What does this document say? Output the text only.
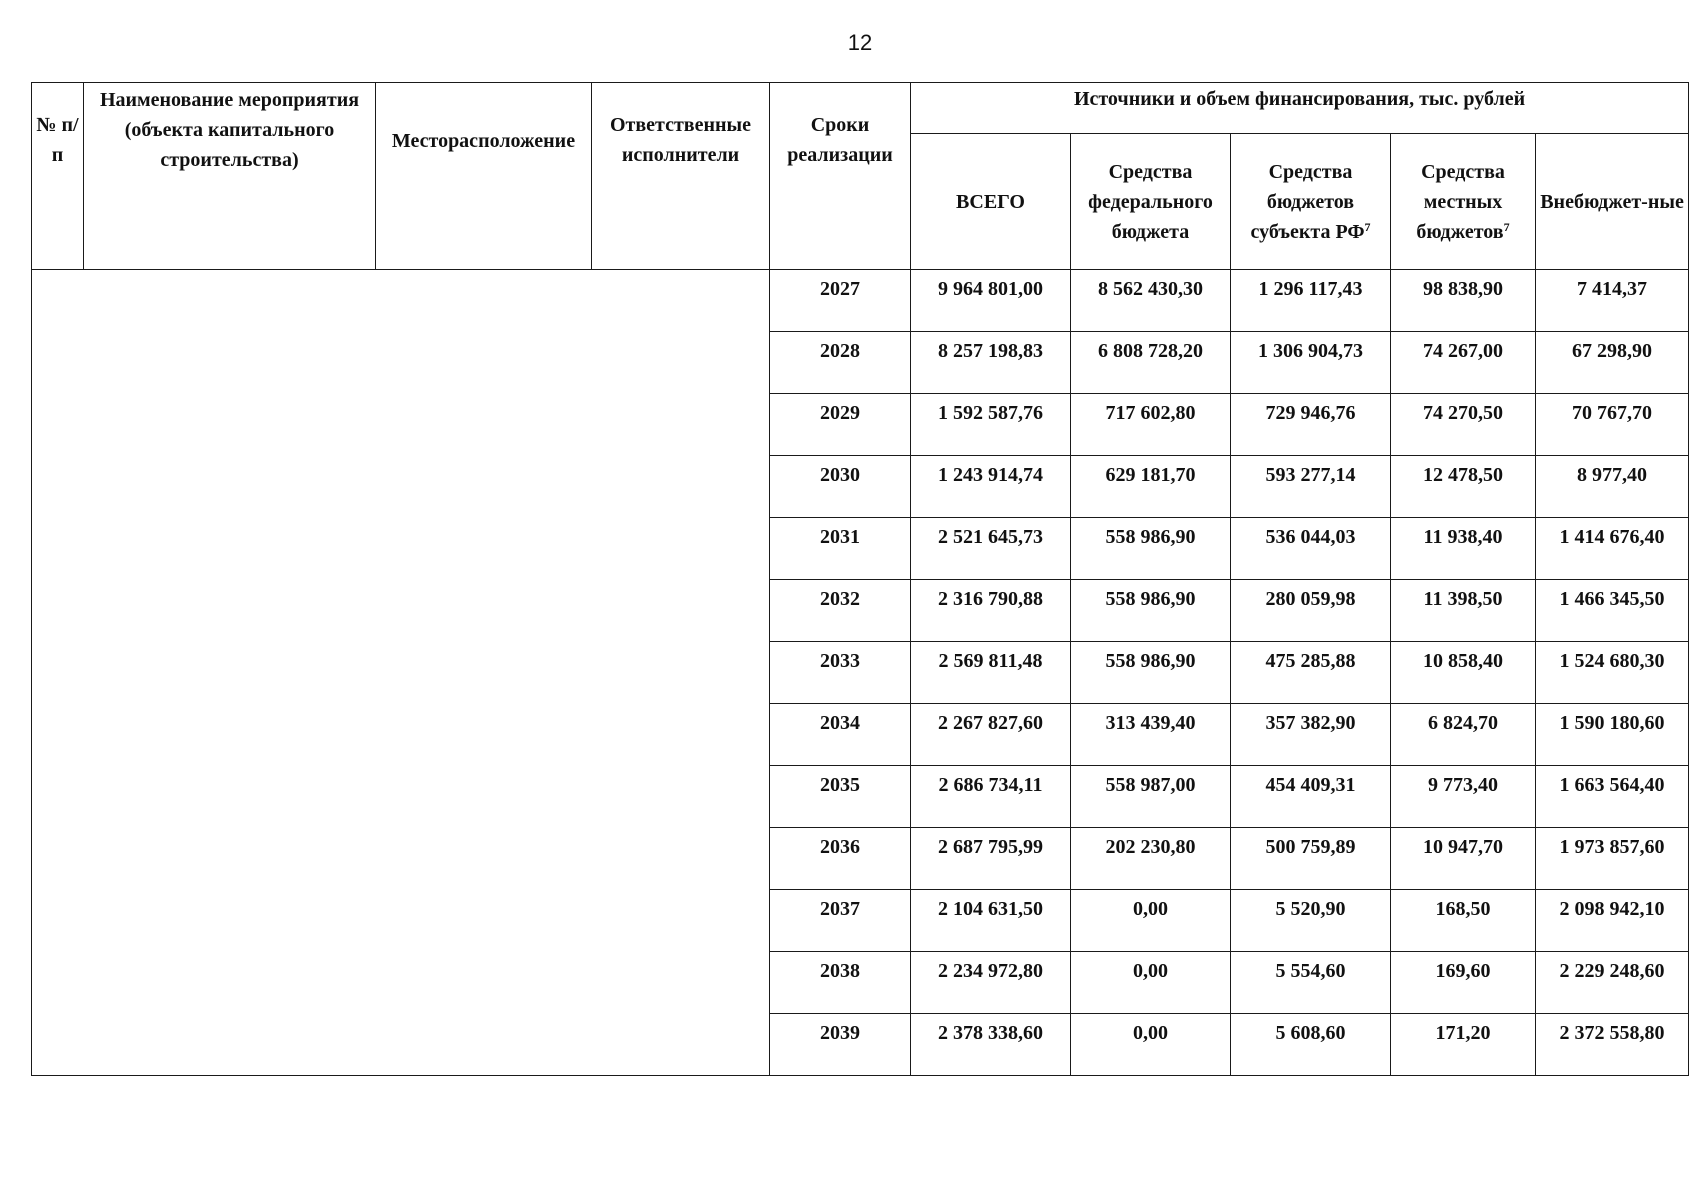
12
№ п/п	Наименование мероприятия (объекта капитального строительства)	Месторасположение	Ответственные исполнители	Сроки реализации	Источники и объем финансирования, тыс. рублей				
					ВСЕГО	Средства федерального бюджета	Средства бюджетов субъекта $РФ^7$	Средства местных бюджетов$^7$	Внебюджет-ные
				2027	9 964 801,00	8 562 430,30	1 296 117,43	98 838,90	7 414,37
				2028	8 257 198,83	6 808 728,20	1 306 904,73	74 267,00	67 298,90
				2029	1 592 587,76	717 602,80	729 946,76	74 270,50	70 767,70
				2030	1 243 914,74	629 181,70	593 277,14	12 478,50	8 977,40
				2031	2 521 645,73	558 986,90	536 044,03	11 938,40	1 414 676,40
				2032	2 316 790,88	558 986,90	280 059,98	11 398,50	1 466 345,50
				2033	2 569 811,48	558 986,90	475 285,88	10 858,40	1 524 680,30
				2034	2 267 827,60	313 439,40	357 382,90	6 824,70	1 590 180,60
				2035	2 686 734,11	558 987,00	454 409,31	9 773,40	1 663 564,40
				2036	2 687 795,99	202 230,80	500 759,89	10 947,70	1 973 857,60
				2037	2 104 631,50	0,00	5 520,90	168,50	2 098 942,10
				2038	2 234 972,80	0,00	5 554,60	169,60	2 229 248,60
				2039	2 378 338,60	0,00	5 608,60	171,20	2 372 558,80
